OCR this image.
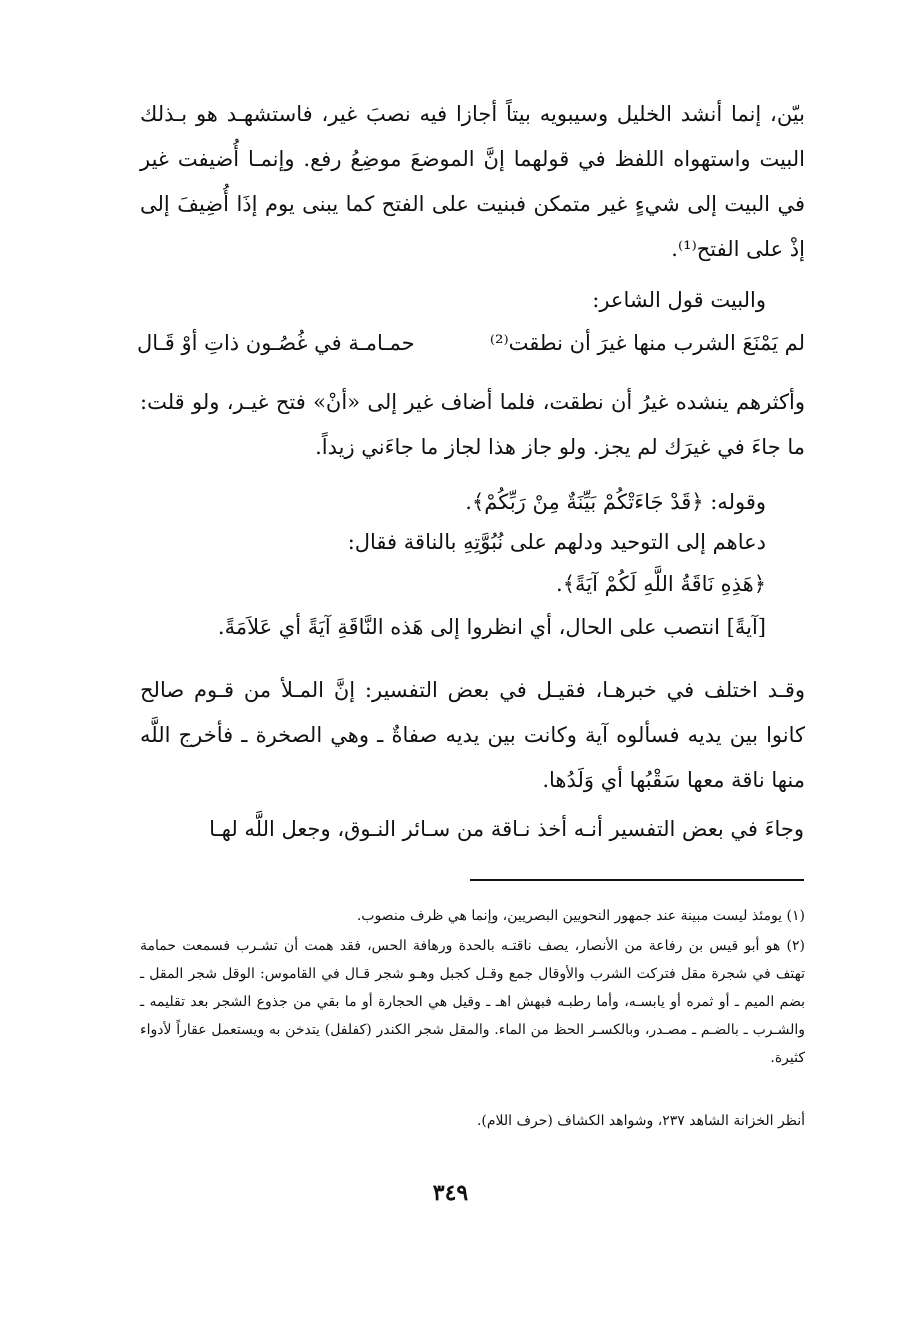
بيّن، إنما أنشد الخليل وسيبويه بيتاً أجازا فيه نصبَ غير، فاستشهـد هو بـذلك البيت واستهواه اللفظ في قولهما إنَّ الموضعَ موضِعُ رفع. وإنمـا أُضيفت غير في البيت إلى شيءٍ غير متمكن فبنيت على الفتح كما يبنى يوم إذَا أُضِيفَ إلى إذْ على الفتح⁽¹⁾.

والبيت قول الشاعر:

لم يَمْنَعَ الشرب منها غيرَ أن نطقت⁽²⁾
حمـامـة في غُصُـون ذاتِ أوْ قَـال

وأكثرهم ينشده غيرُ أن نطقت، فلما أضاف غير إلى «أنْ» فتح غيـر، ولو قلت: ما جاءَ في غيرَك لم يجز. ولو جاز هذا لجاز ما جاءَني زيداً.

وقوله: ﴿قَدْ جَاءَتْكُمْ بَيِّنَةٌ مِنْ رَبِّكُمْ﴾.

دعاهم إلى التوحيد ودلهم على نُبُوَّتِهِ بالناقة فقال:

﴿هَذِهِ نَاقَةُ اللَّهِ لَكُمْ آيَةً﴾.

[آيةً] انتصب على الحال، أي انظروا إلى هَذه النَّاقَةِ آيَةً أي عَلاَمَةً.

وقـد اختلف في خبرهـا، فقيـل في بعض التفسير: إنَّ المـلأ من قـوم صالح كانوا بين يديه فسألوه آية وكانت بين يديه صفاةٌ ـ وهي الصخرة ـ فأخرج اللَّه منها ناقة معها سَقْبُها أي وَلَدُها.

وجاءَ في بعض التفسير أنـه أخذ نـاقة من سـائر النـوق، وجعل اللَّه لهـا

(١) يومئذ ليست مبينة عند جمهور النحويين البصريين، وإنما هي ظرف منصوب.

(٢) هو أبو قيس بن رفاعة من الأنصار، يصف ناقتـه بالحدة ورهافة الحس، فقد همت أن تشـرب فسمعت حمامة تهتف في شجرة مقل فتركت الشرب والأوقال جمع وقـل كجبل وهـو شجر قـال في القاموس: الوقل شجر المقل ـ بضم الميم ـ أو ثمره أو يابسـه، وأما رطبـه فبهش اهـ ـ وقيل هي الحجارة أو ما بقي من جذوع الشجر بعد تقليمه ـ والشـرب ـ بالضـم ـ مصـدر، وبالكسـر الحظ من الماء. والمقل شجر الكندر (كفلفل) يتدخن به ويستعمل عقاراً لأدواء كثيرة.

أنظر الخزانة الشاهد ٢٣٧، وشواهد الكشاف (حرف اللام).

٣٤٩
